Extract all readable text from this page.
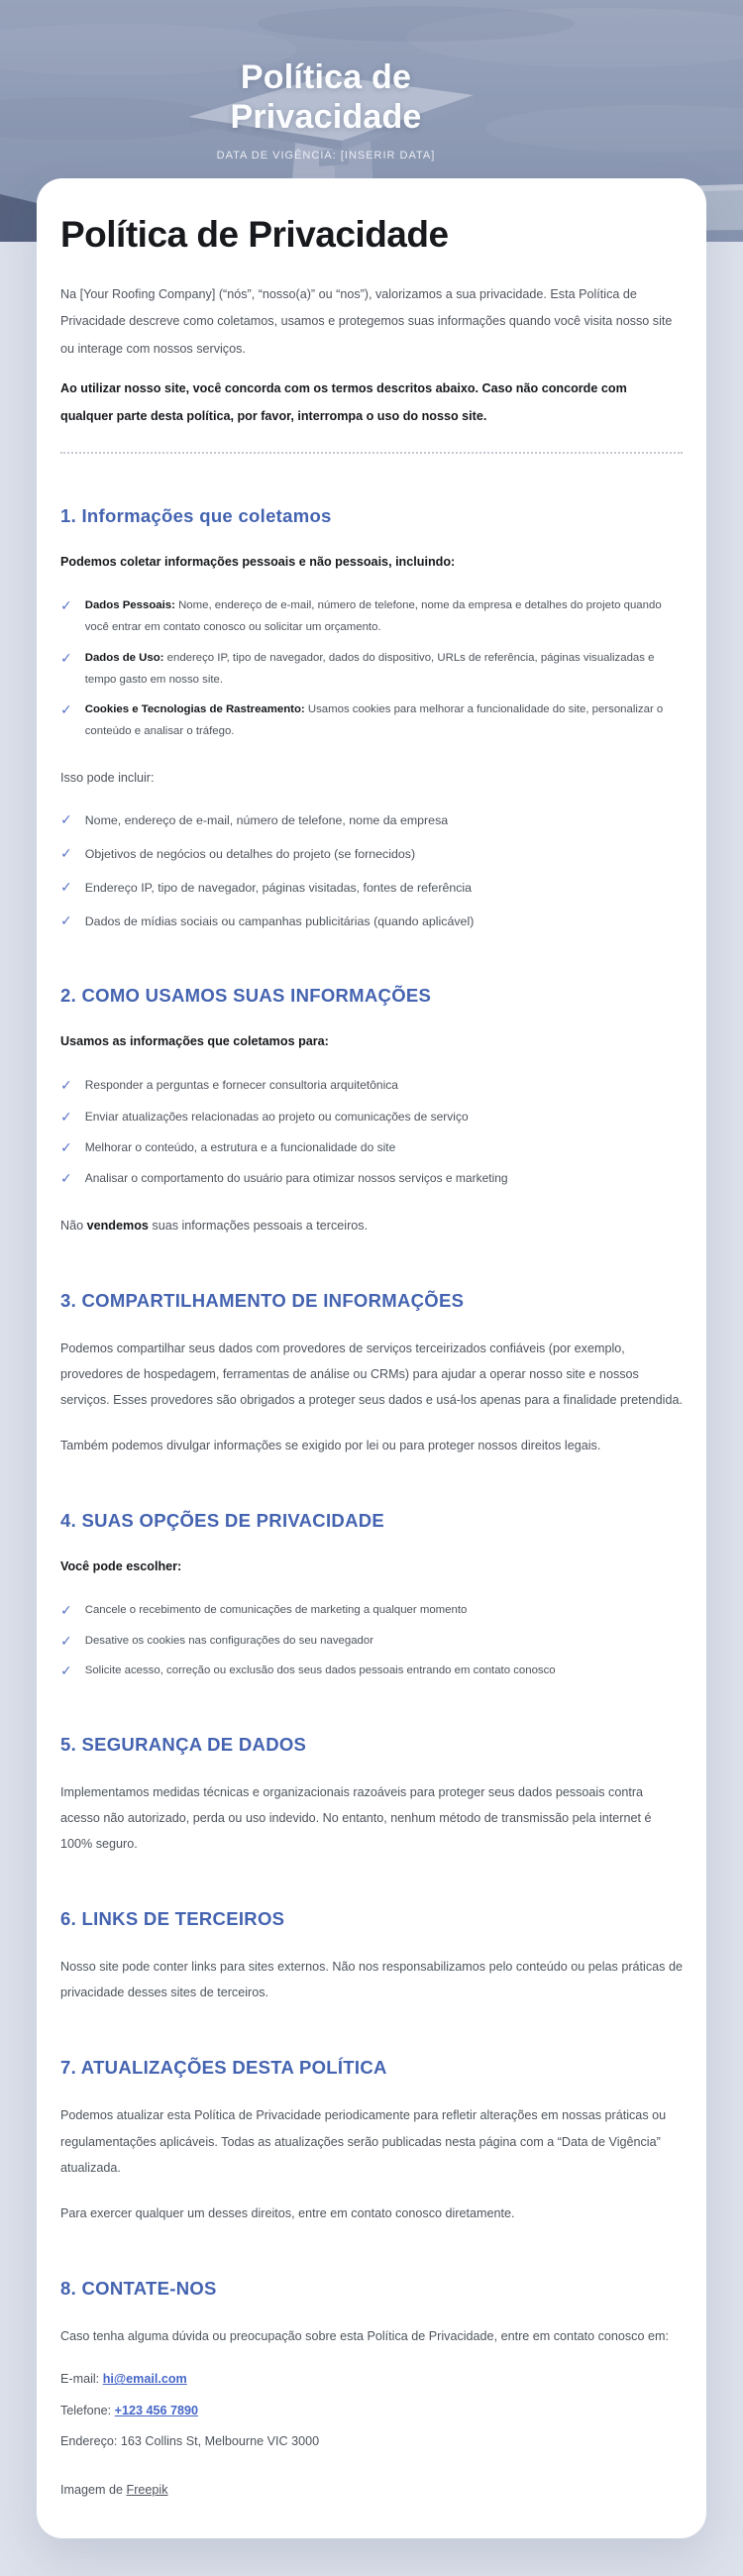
Política de
Privacidade
DATA DE VIGÊNCIA: [INSERIR DATA]
Política de Privacidade

Na [Your Roofing Company] (“nós”, “nosso(a)” ou “nos”), valorizamos a sua privacidade. Esta Política de Privacidade descreve como coletamos, usamos e protegemos suas informações quando você visita nosso site ou interage com nossos serviços.

Ao utilizar nosso site, você concorda com os termos descritos abaixo. Caso não concorde com qualquer parte desta política, por favor, interrompa o uso do nosso site.

1. Informações que coletamos

Podemos coletar informações pessoais e não pessoais, incluindo:

✓ Dados Pessoais: Nome, endereço de e-mail, número de telefone, nome da empresa e detalhes do projeto quando você entrar em contato conosco ou solicitar um orçamento.
✓ Dados de Uso: endereço IP, tipo de navegador, dados do dispositivo, URLs de referência, páginas visualizadas e tempo gasto em nosso site.
✓ Cookies e Tecnologias de Rastreamento: Usamos cookies para melhorar a funcionalidade do site, personalizar o conteúdo e analisar o tráfego.

Isso pode incluir:

✓ Nome, endereço de e-mail, número de telefone, nome da empresa
✓ Objetivos de negócios ou detalhes do projeto (se fornecidos)
✓ Endereço IP, tipo de navegador, páginas visitadas, fontes de referência
✓ Dados de mídias sociais ou campanhas publicitárias (quando aplicável)
2. COMO USAMOS SUAS INFORMAÇÕES

Usamos as informações que coletamos para:

✓ Responder a perguntas e fornecer consultoria arquitetônica
✓ Enviar atualizações relacionadas ao projeto ou comunicações de serviço
✓ Melhorar o conteúdo, a estrutura e a funcionalidade do site
✓ Analisar o comportamento do usuário para otimizar nossos serviços e marketing

Não vendemos suas informações pessoais a terceiros.

3. COMPARTILHAMENTO DE INFORMAÇÕES

Podemos compartilhar seus dados com provedores de serviços terceirizados confiáveis (por exemplo, provedores de hospedagem, ferramentas de análise ou CRMs) para ajudar a operar nosso site e nossos serviços. Esses provedores são obrigados a proteger seus dados e usá-los apenas para a finalidade pretendida.

Também podemos divulgar informações se exigido por lei ou para proteger nossos direitos legais.

4. SUAS OPÇÕES DE PRIVACIDADE

Você pode escolher:

✓ Cancele o recebimento de comunicações de marketing a qualquer momento
✓ Desative os cookies nas configurações do seu navegador
✓ Solicite acesso, correção ou exclusão dos seus dados pessoais entrando em contato conosco
5. SEGURANÇA DE DADOS

Implementamos medidas técnicas e organizacionais razoáveis para proteger seus dados pessoais contra acesso não autorizado, perda ou uso indevido. No entanto, nenhum método de transmissão pela internet é 100% seguro.

6. LINKS DE TERCEIROS

Nosso site pode conter links para sites externos. Não nos responsabilizamos pelo conteúdo ou pelas práticas de privacidade desses sites de terceiros.

7. ATUALIZAÇÕES DESTA POLÍTICA

Podemos atualizar esta Política de Privacidade periodicamente para refletir alterações em nossas práticas ou regulamentações aplicáveis. Todas as atualizações serão publicadas nesta página com a “Data de Vigência” atualizada.

Para exercer qualquer um desses direitos, entre em contato conosco diretamente.

8. CONTATE-NOS

Caso tenha alguma dúvida ou preocupação sobre esta Política de Privacidade, entre em contato conosco em:

E-mail: hi@email.com
Telefone: +123 456 7890
Endereço: 163 Collins St, Melbourne VIC 3000
Imagem de Freepik
